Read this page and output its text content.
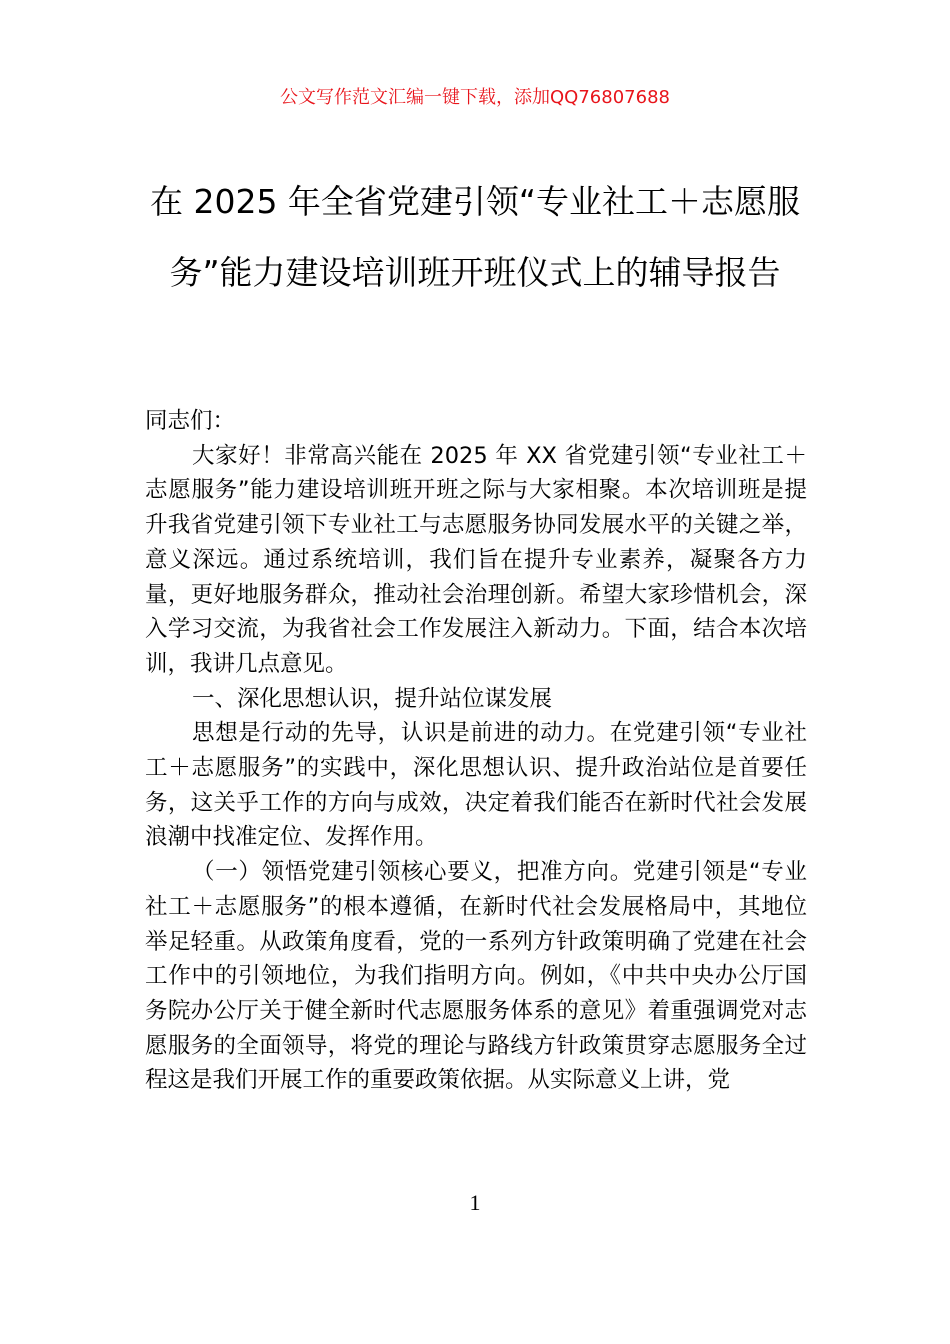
公文写作范文汇编一键下载，添加QQ76807688
在 2025 年全省党建引领“专业社工＋志愿服务”能力建设培训班开班仪式上的辅导报告

同志们：

大家好！非常高兴能在 2025 年 XX 省党建引领“专业社工＋志愿服务”能力建设培训班开班之际与大家相聚。本次培训班是提升我省党建引领下专业社工与志愿服务协同发展水平的关键之举，意义深远。通过系统培训，我们旨在提升专业素养，凝聚各方力量，更好地服务群众，推动社会治理创新。希望大家珍惜机会，深入学习交流，为我省社会工作发展注入新动力。下面，结合本次培训，我讲几点意见。

一、深化思想认识，提升站位谋发展

思想是行动的先导，认识是前进的动力。在党建引领“专业社工＋志愿服务”的实践中，深化思想认识、提升政治站位是首要任务，这关乎工作的方向与成效，决定着我们能否在新时代社会发展浪潮中找准定位、发挥作用。

（一）领悟党建引领核心要义，把准方向。党建引领是“专业社工＋志愿服务”的根本遵循，在新时代社会发展格局中，其地位举足轻重。从政策角度看，党的一系列方针政策明确了党建在社会工作中的引领地位，为我们指明方向。例如，《中共中央办公厅国务院办公厅关于健全新时代志愿服务体系的意见》着重强调党对志愿服务的全面领导，将党的理论与路线方针政策贯穿志愿服务全过程这是我们开展工作的重要政策依据。从实际意义上讲，党

1
